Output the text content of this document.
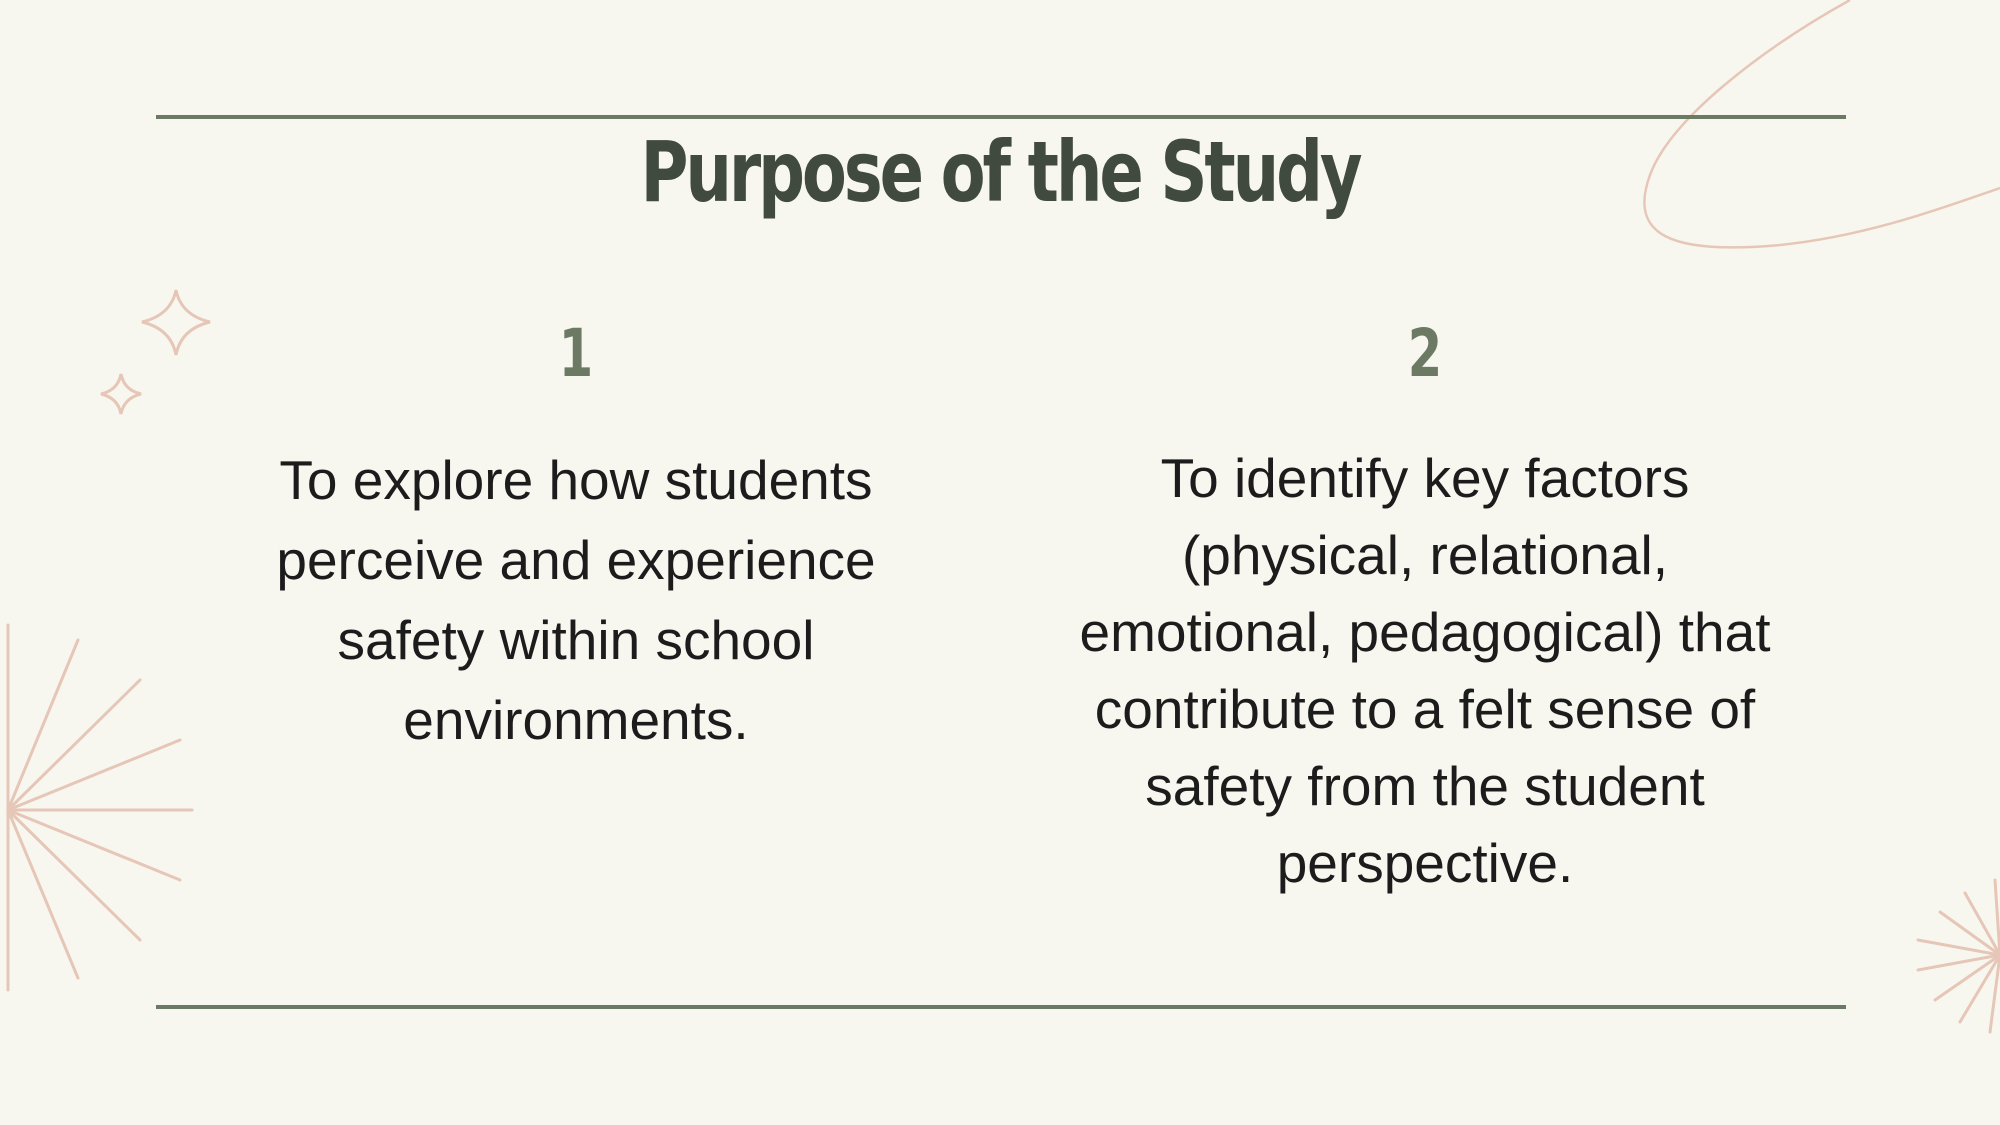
Purpose of the Study
1
To explore how students perceive and experience safety within school environments.
2
To identify key factors (physical, relational, emotional, pedagogical) that contribute to a felt sense of safety from the student perspective.
